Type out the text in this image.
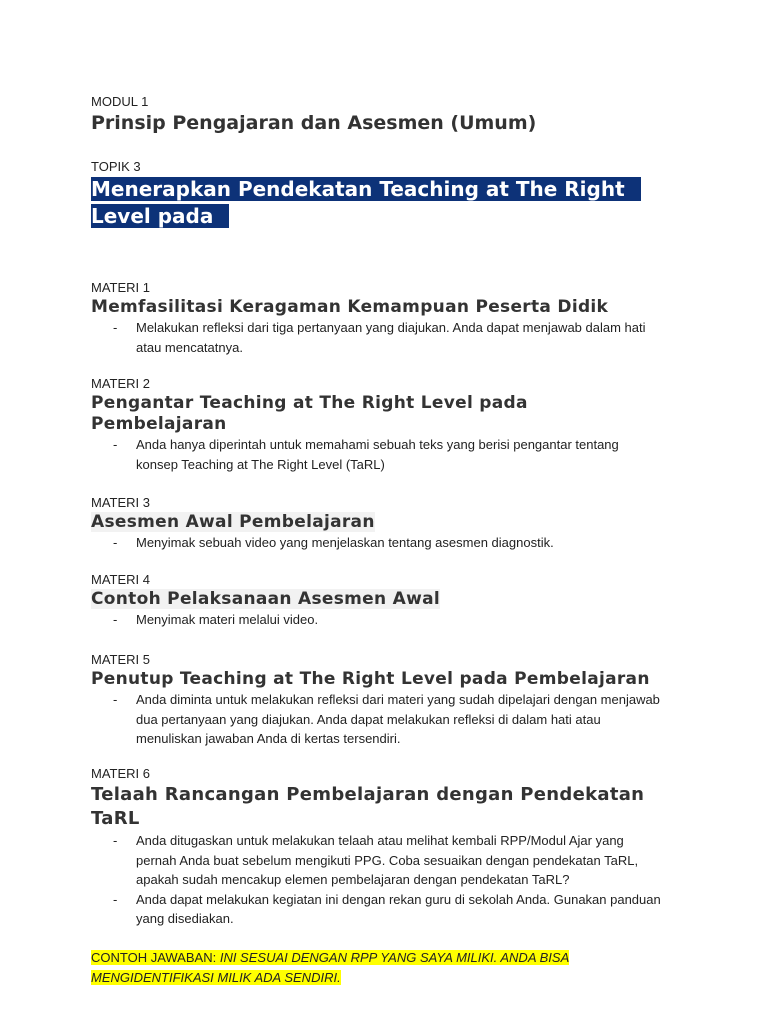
MODUL 1
Prinsip Pengajaran dan Asesmen (Umum)
TOPIK 3
Menerapkan Pendekatan Teaching at The Right Level pada
MATERI 1
Memfasilitasi Keragaman Kemampuan Peserta Didik
- Melakukan refleksi dari tiga pertanyaan yang diajukan. Anda dapat menjawab dalam hati atau mencatatnya.
MATERI 2
Pengantar Teaching at The Right Level pada Pembelajaran
- Anda hanya diperintah untuk memahami sebuah teks yang berisi pengantar tentang konsep Teaching at The Right Level (TaRL)
MATERI 3
Asesmen Awal Pembelajaran
- Menyimak sebuah video yang menjelaskan tentang asesmen diagnostik.
MATERI 4
Contoh Pelaksanaan Asesmen Awal
- Menyimak materi melalui video.
MATERI 5
Penutup Teaching at The Right Level pada Pembelajaran
- Anda diminta untuk melakukan refleksi dari materi yang sudah dipelajari dengan menjawab dua pertanyaan yang diajukan. Anda dapat melakukan refleksi di dalam hati atau menuliskan jawaban Anda di kertas tersendiri.
MATERI 6
Telaah Rancangan Pembelajaran dengan Pendekatan TaRL
- Anda ditugaskan untuk melakukan telaah atau melihat kembali RPP/Modul Ajar yang pernah Anda buat sebelum mengikuti PPG. Coba sesuaikan dengan pendekatan TaRL, apakah sudah mencakup elemen pembelajaran dengan pendekatan TaRL?
- Anda dapat melakukan kegiatan ini dengan rekan guru di sekolah Anda. Gunakan panduan yang disediakan.
CONTOH JAWABAN: INI SESUAI DENGAN RPP YANG SAYA MILIKI. ANDA BISA MENGIDENTIFIKASI MILIK ADA SENDIRI.
